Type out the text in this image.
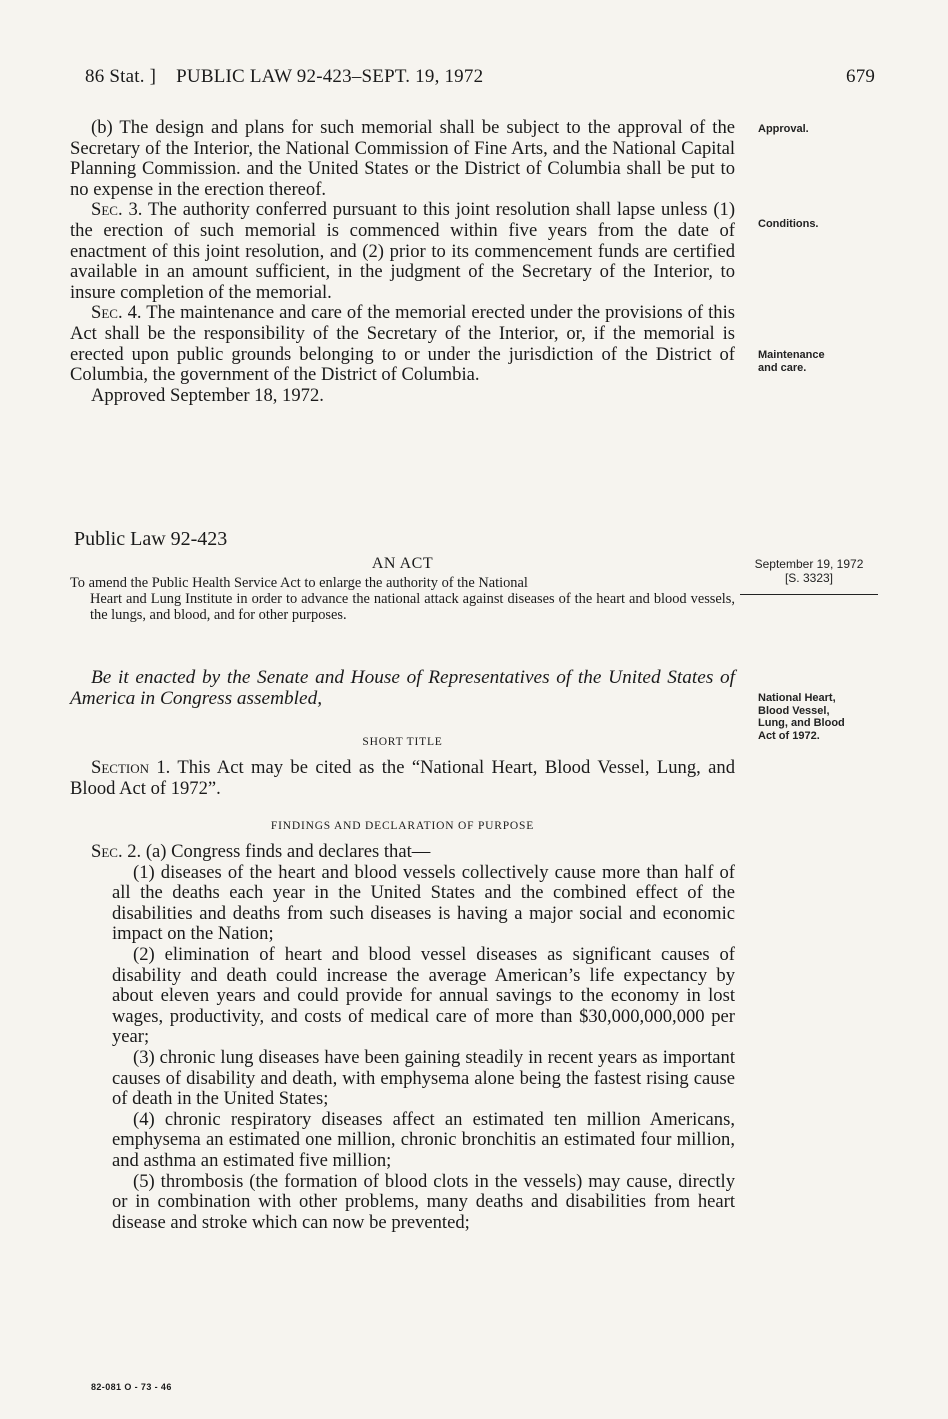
86 Stat. ] PUBLIC LAW 92-423–SEPT. 19, 1972	679

(b) The design and plans for such memorial shall be subject to the approval of the Secretary of the Interior, the National Commission of Fine Arts, and the National Capital Planning Commission. and the United States or the District of Columbia shall be put to no expense in the erection thereof.

Sec. 3. The authority conferred pursuant to this joint resolution shall lapse unless (1) the erection of such memorial is commenced within five years from the date of enactment of this joint resolution, and (2) prior to its commencement funds are certified available in an amount sufficient, in the judgment of the Secretary of the Interior, to insure completion of the memorial.

Sec. 4. The maintenance and care of the memorial erected under the provisions of this Act shall be the responsibility of the Secretary of the Interior, or, if the memorial is erected upon public grounds belonging to or under the jurisdiction of the District of Columbia, the government of the District of Columbia.

Approved September 18, 1972.

Approval.
Conditions.
Maintenance
and care.
September 19, 1972
[S. 3323]
National Heart,
Blood Vessel,
Lung, and Blood
Act of 1972.
Public Law 92-423
AN ACT
To amend the Public Health Service Act to enlarge the authority of the National
Heart and Lung Institute in order to advance the national attack against diseases of the heart and blood vessels, the lungs, and blood, and for other purposes.
Be it enacted by the Senate and House of Representatives of the United States of America in Congress assembled,
SHORT TITLE

Section 1. This Act may be cited as the “National Heart, Blood Vessel, Lung, and Blood Act of 1972”.

FINDINGS AND DECLARATION OF PURPOSE

Sec. 2. (a) Congress finds and declares that—

(1) diseases of the heart and blood vessels collectively cause more than half of all the deaths each year in the United States and the combined effect of the disabilities and deaths from such diseases is having a major social and economic impact on the Nation;

(2) elimination of heart and blood vessel diseases as significant causes of disability and death could increase the average American’s life expectancy by about eleven years and could provide for annual savings to the economy in lost wages, productivity, and costs of medical care of more than $30,000,000,000 per year;

(3) chronic lung diseases have been gaining steadily in recent years as important causes of disability and death, with emphysema alone being the fastest rising cause of death in the United States;

(4) chronic respiratory diseases affect an estimated ten million Americans, emphysema an estimated one million, chronic bronchitis an estimated four million, and asthma an estimated five million;

(5) thrombosis (the formation of blood clots in the vessels) may cause, directly or in combination with other problems, many deaths and disabilities from heart disease and stroke which can now be prevented;

82-081 O - 73 - 46
